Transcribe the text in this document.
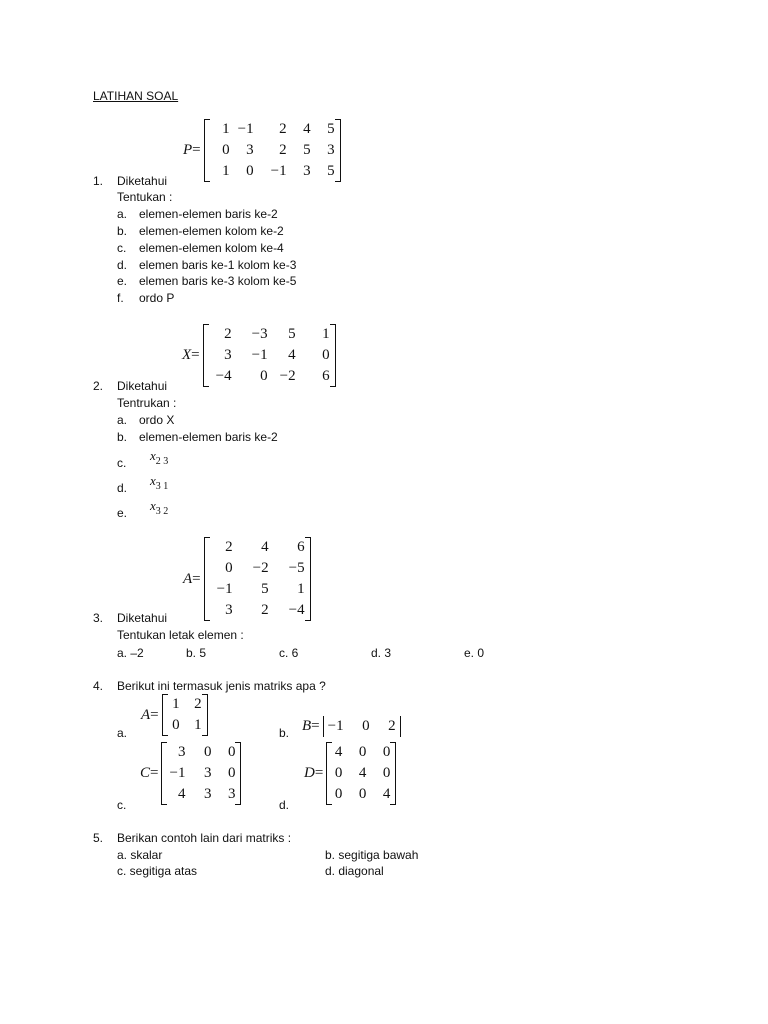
LATIHAN SOAL
P=
1	−1	2	4	5
0	3	2	5	3
1	0	−1	3	5
1. Diketahui
Tentukan :
a. elemen-elemen baris ke-2
b. elemen-elemen kolom ke-2
c. elemen-elemen kolom ke-4
d. elemen baris ke-1 kolom ke-3
e. elemen baris ke-3 kolom ke-5
f. ordo P
X=
2	−3	5	1
3	−1	4	0
−4	0	−2	6
2. Diketahui
Tentrukan :
a. ordo X
b. elemen-elemen baris ke-2
c. $x_{2 3}$
d. $x_{3 1}$
e. $x_{3 2}$
A=
2	4	6
0	−2	−5
−1	5	1
3	2	−4
3. Diketahui
Tentukan letak elemen :
a. –2	b. 5	c. 6	d. 3	e. 0
4. Berikut ini termasuk jenis matriks apa ?
A=
1	2
0	1
a.	b. B= −1	0	2
C=
3	0	0
−1	3	0
4	3	3
c.	d.
D=
4	0	0
0	4	0
0	0	4
5. Berikan contoh lain dari matriks :
a. skalar	b. segitiga bawah
c. segitiga atas	d. diagonal
